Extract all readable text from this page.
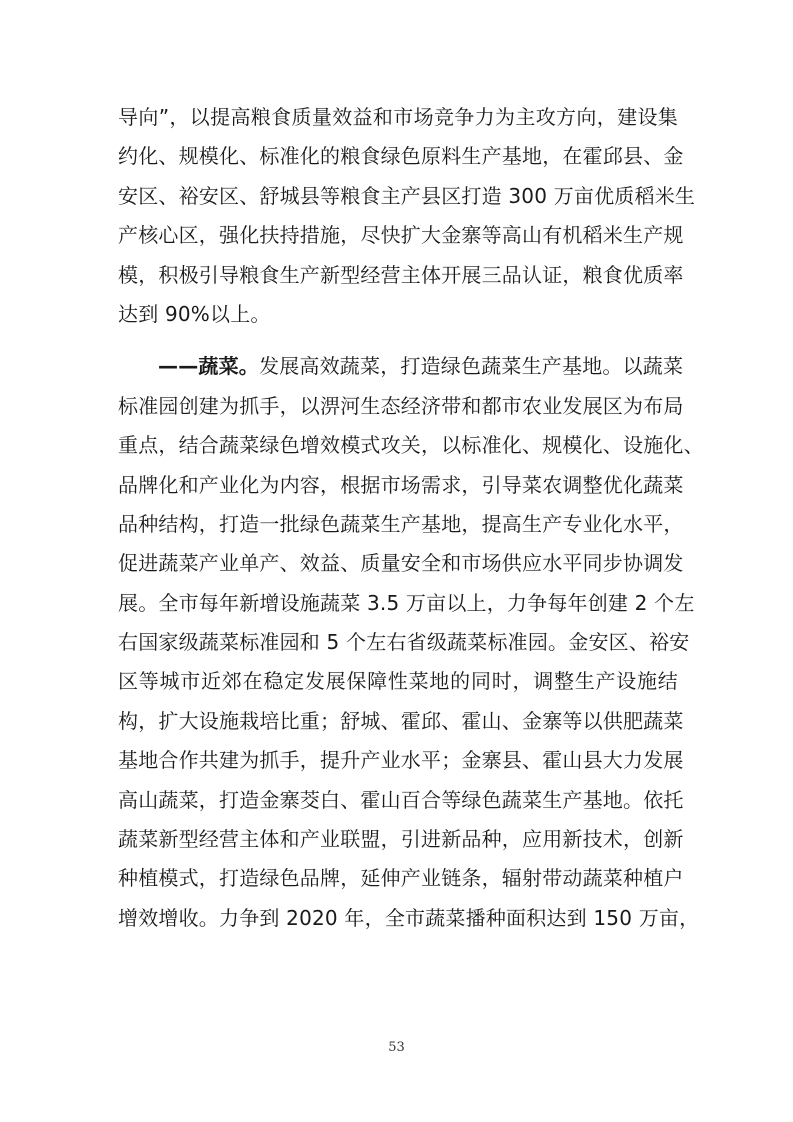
导向”，以提高粮食质量效益和市场竞争力为主攻方向，建设集
约化、规模化、标准化的粮食绿色原料生产基地，在霍邱县、金
安区、裕安区、舒城县等粮食主产县区打造 300 万亩优质稻米生
产核心区，强化扶持措施，尽快扩大金寨等高山有机稻米生产规
模，积极引导粮食生产新型经营主体开展三品认证，粮食优质率
达到 90%以上。
——蔬菜。发展高效蔬菜，打造绿色蔬菜生产基地。以蔬菜
标准园创建为抓手，以淠河生态经济带和都市农业发展区为布局
重点，结合蔬菜绿色增效模式攻关，以标准化、规模化、设施化、
品牌化和产业化为内容，根据市场需求，引导菜农调整优化蔬菜
品种结构，打造一批绿色蔬菜生产基地，提高生产专业化水平，
促进蔬菜产业单产、效益、质量安全和市场供应水平同步协调发
展。全市每年新增设施蔬菜 3.5 万亩以上，力争每年创建 2 个左
右国家级蔬菜标准园和 5 个左右省级蔬菜标准园。金安区、裕安
区等城市近郊在稳定发展保障性菜地的同时，调整生产设施结
构，扩大设施栽培比重；舒城、霍邱、霍山、金寨等以供肥蔬菜
基地合作共建为抓手，提升产业水平；金寨县、霍山县大力发展
高山蔬菜，打造金寨茭白、霍山百合等绿色蔬菜生产基地。依托
蔬菜新型经营主体和产业联盟，引进新品种，应用新技术，创新
种植模式，打造绿色品牌，延伸产业链条，辐射带动蔬菜种植户
增效增收。力争到 2020 年，全市蔬菜播种面积达到 150 万亩，
53
